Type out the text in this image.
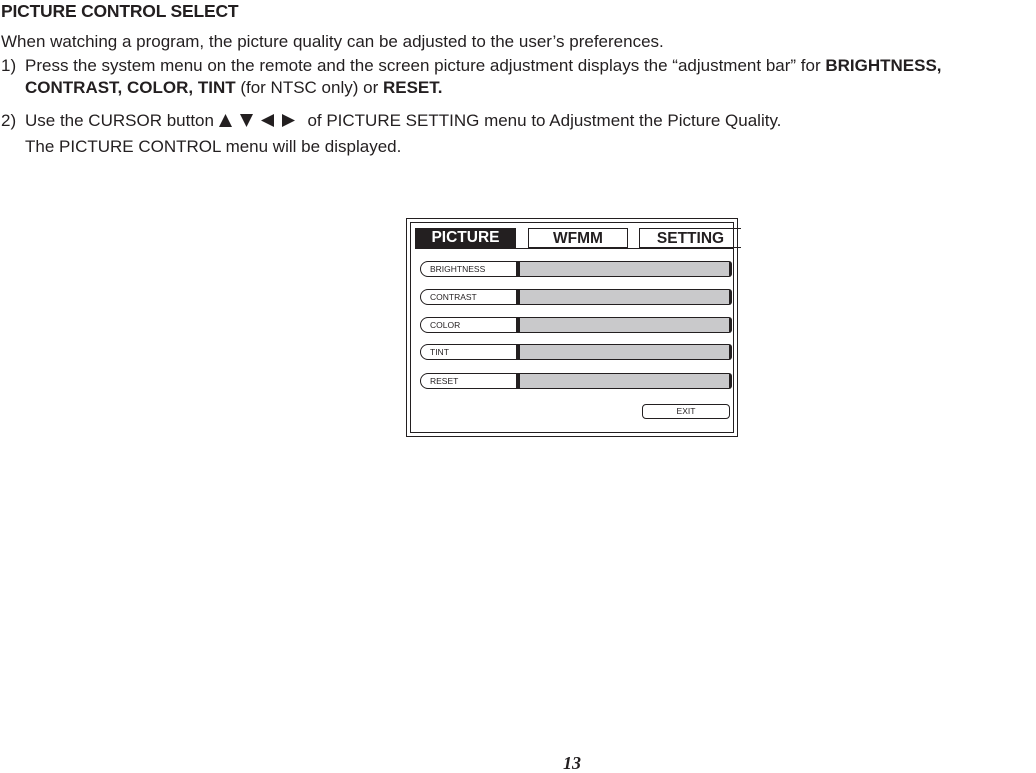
PICTURE CONTROL SELECT
When watching a program, the picture quality can be adjusted to the user’s preferences.
1) Press the system menu on the remote and the screen picture adjustment displays the “adjustment bar” for BRIGHTNESS,
CONTRAST, COLOR, TINT (for NTSC only) or RESET.
2) Use the CURSOR button	of PICTURE SETTING menu to Adjustment the Picture Quality.
The PICTURE CONTROL menu will be displayed.
PICTURE	WFMM	SETTING
BRIGHTNESS
CONTRAST
COLOR
TINT
RESET
EXIT
13
